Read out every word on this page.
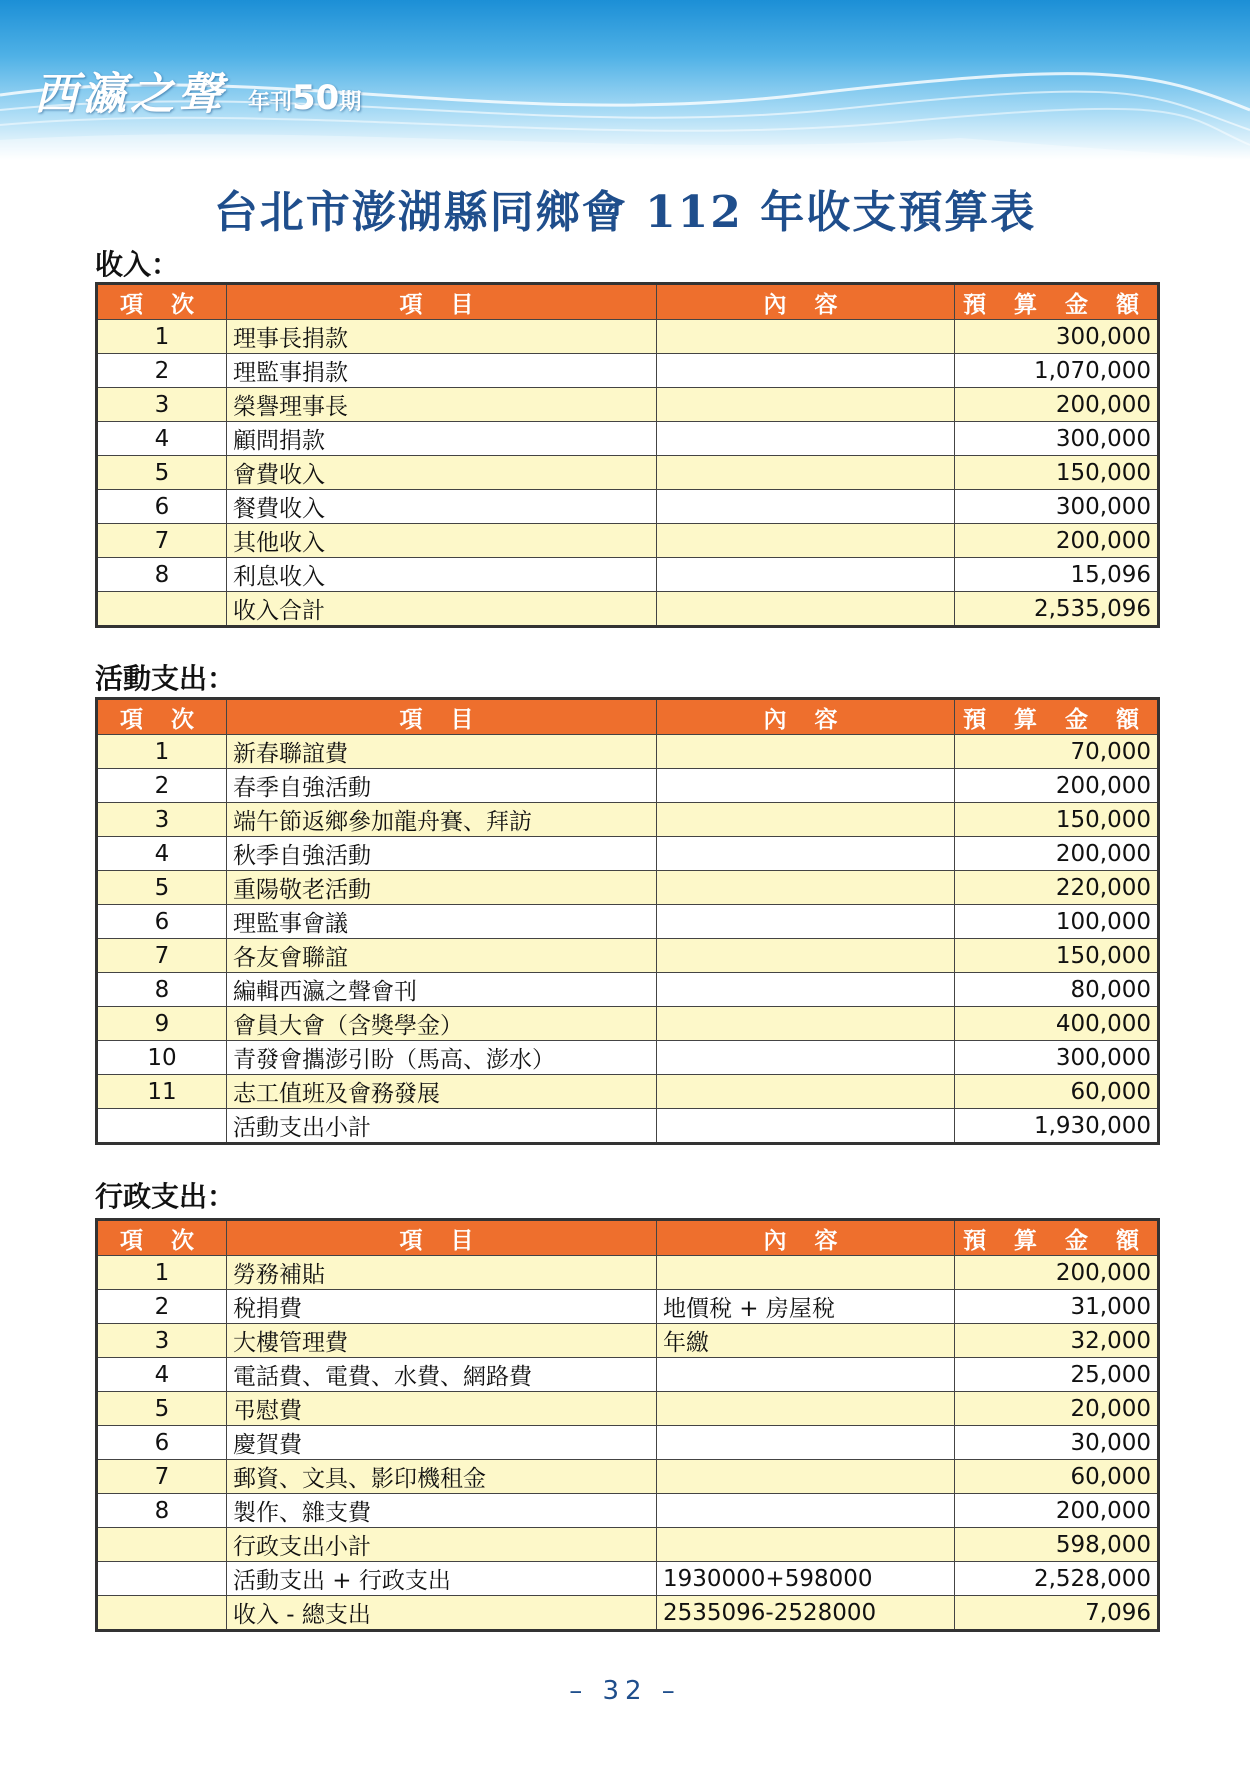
西瀛之聲 年刊50期
台北市澎湖縣同鄉會 112 年收支預算表
收入：
項 次	項 目	內 容	預 算 金 額
1	理事長捐款		300,000
2	理監事捐款		1,070,000
3	榮譽理事長		200,000
4	顧問捐款		300,000
5	會費收入		150,000
6	餐費收入		300,000
7	其他收入		200,000
8	利息收入		15,096
	收入合計		2,535,096
活動支出：
項 次	項 目	內 容	預 算 金 額
1	新春聯誼費		70,000
2	春季自強活動		200,000
3	端午節返鄉參加龍舟賽、拜訪		150,000
4	秋季自強活動		200,000
5	重陽敬老活動		220,000
6	理監事會議		100,000
7	各友會聯誼		150,000
8	編輯西瀛之聲會刊		80,000
9	會員大會（含獎學金）		400,000
10	青發會攜澎引盼（馬高、澎水）		300,000
11	志工值班及會務發展		60,000
	活動支出小計		1,930,000
行政支出：
項 次	項 目	內 容	預 算 金 額
1	勞務補貼		200,000
2	稅捐費	地價稅 + 房屋稅	31,000
3	大樓管理費	年繳	32,000
4	電話費、電費、水費、網路費		25,000
5	弔慰費		20,000
6	慶賀費		30,000
7	郵資、文具、影印機租金		60,000
8	製作、雜支費		200,000
	行政支出小計		598,000
	活動支出 + 行政支出	1930000+598000	2,528,000
	收入 - 總支出	2535096-2528000	7,096
– 32 –
